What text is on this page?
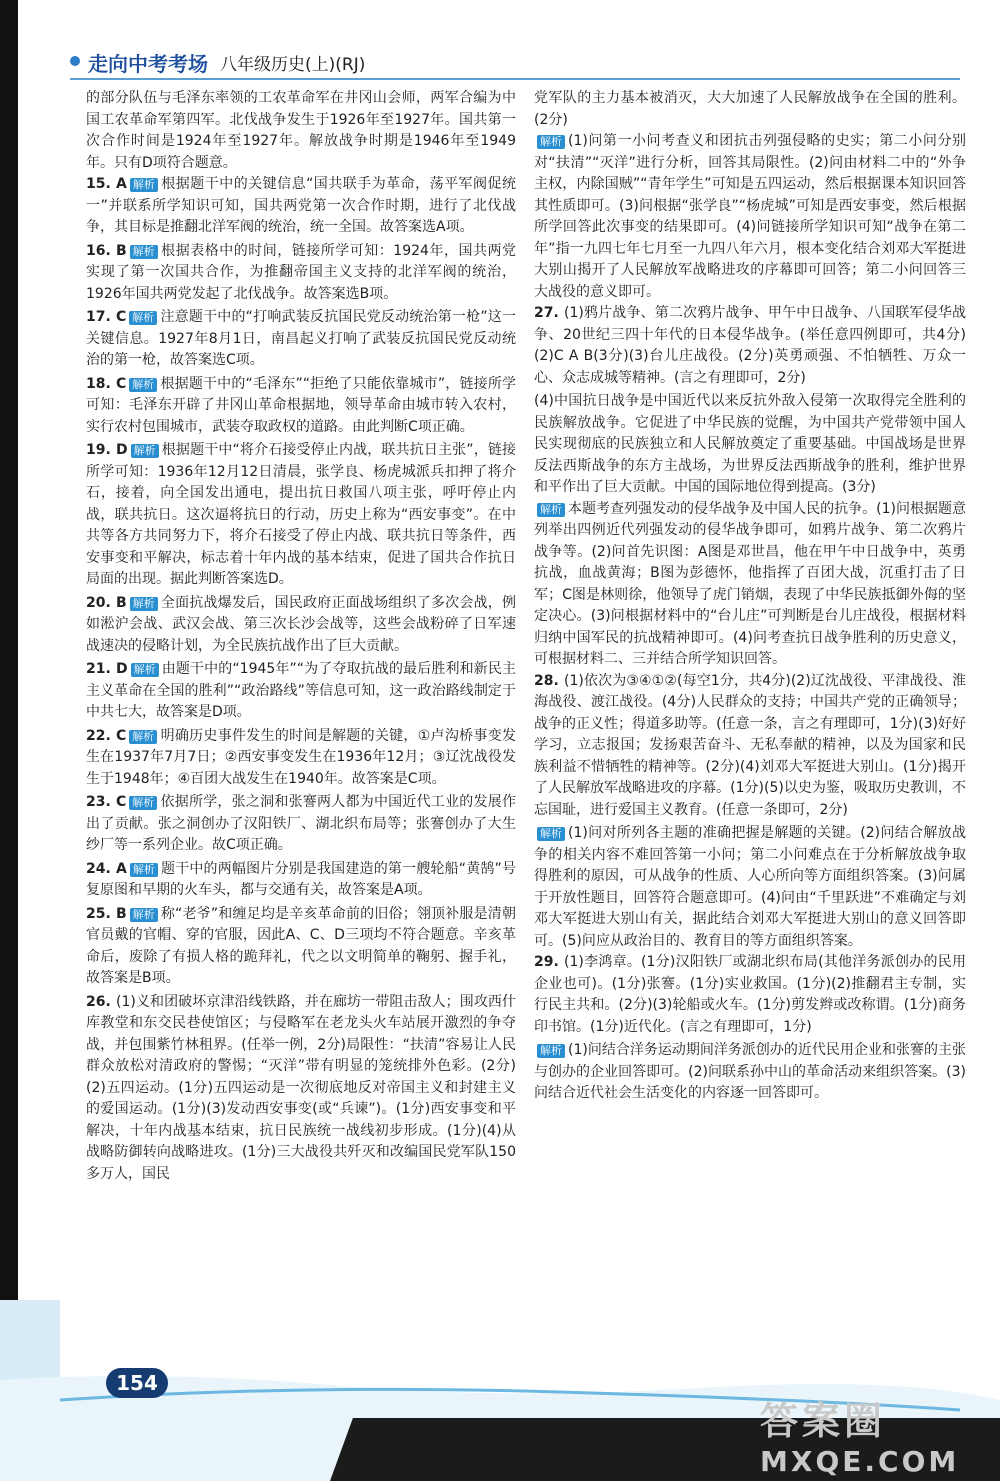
走向中考考场 八年级历史(上)(RJ)
的部分队伍与毛泽东率领的工农革命军在井冈山会师，两军合编为中国工农革命军第四军。北伐战争发生于1926年至1927年。国共第一次合作时间是1924年至1927年。解放战争时期是1946年至1949年。只有D项符合题意。
15. A 解析 根据题干中的关键信息“国共联手为革命，荡平军阀促统一”并联系所学知识可知，国共两党第一次合作时期，进行了北伐战争，其目标是推翻北洋军阀的统治，统一全国。故答案选A项。
16. B 解析 根据表格中的时间，链接所学可知：1924年，国共两党实现了第一次国共合作，为推翻帝国主义支持的北洋军阀的统治，1926年国共两党发起了北伐战争。故答案选B项。
17. C 解析 注意题干中的“打响武装反抗国民党反动统治第一枪”这一关键信息。1927年8月1日，南昌起义打响了武装反抗国民党反动统治的第一枪，故答案选C项。
18. C 解析 根据题干中的“毛泽东”“拒绝了只能依靠城市”，链接所学可知：毛泽东开辟了井冈山革命根据地，领导革命由城市转入农村，实行农村包围城市，武装夺取政权的道路。由此判断C项正确。
19. D 解析 根据题干中“将介石接受停止内战，联共抗日主张”，链接所学可知：1936年12月12日清晨，张学良、杨虎城派兵扣押了将介石，接着，向全国发出通电，提出抗日救国八项主张，呼吁停止内战，联共抗日。这次逼将抗日的行动，历史上称为“西安事变”。在中共等各方共同努力下，将介石接受了停止内战、联共抗日等条件，西安事变和平解决，标志着十年内战的基本结束，促进了国共合作抗日局面的出现。据此判断答案选D。
20. B 解析 全面抗战爆发后，国民政府正面战场组织了多次会战，例如淞沪会战、武汉会战、第三次长沙会战等，这些会战粉碎了日军速战速决的侵略计划，为全民族抗战作出了巨大贡献。
21. D 解析 由题干中的“1945年”“为了夺取抗战的最后胜利和新民主主义革命在全国的胜利”“政治路线”等信息可知，这一政治路线制定于中共七大，故答案是D项。
22. C 解析 明确历史事件发生的时间是解题的关键，①卢沟桥事变发生在1937年7月7日；②西安事变发生在1936年12月；③辽沈战役发生于1948年；④百团大战发生在1940年。故答案是C项。
23. C 解析 依据所学，张之洞和张謇两人都为中国近代工业的发展作出了贡献。张之洞创办了汉阳铁厂、湖北织布局等；张謇创办了大生纱厂等一系列企业。故C项正确。
24. A 解析 题干中的两幅图片分别是我国建造的第一艘轮船“黄鹄”号复原图和早期的火车头，都与交通有关，故答案是A项。
25. B 解析 称“老爷”和缠足均是辛亥革命前的旧俗；翎顶补服是清朝官员戴的官帽、穿的官服，因此A、C、D三项均不符合题意。辛亥革命后，废除了有损人格的跪拜礼，代之以文明简单的鞠躬、握手礼，故答案是B项。
26. (1)义和团破坏京津沿线铁路，并在廊坊一带阻击敌人；围攻西什库教堂和东交民巷使馆区；与侵略军在老龙头火车站展开激烈的争夺战，并包围紫竹林租界。(任举一例，2分)局限性：“扶清”容易让人民群众放松对清政府的警惕；“灭洋”带有明显的笼统排外色彩。(2分)(2)五四运动。(1分)五四运动是一次彻底地反对帝国主义和封建主义的爱国运动。(1分)(3)发动西安事变(或“兵谏”)。(1分)西安事变和平解决，十年内战基本结束，抗日民族统一战线初步形成。(1分)(4)从战略防御转向战略进攻。(1分)三大战役共歼灭和改编国民党军队150多万人，国民
党军队的主力基本被消灭，大大加速了人民解放战争在全国的胜利。(2分)
解析 (1)问第一小问考查义和团抗击列强侵略的史实；第二小问分别对“扶清”“灭洋”进行分析，回答其局限性。(2)问由材料二中的“外争主权，内除国贼”“青年学生”可知是五四运动，然后根据课本知识回答其性质即可。(3)问根据“张学良”“杨虎城”可知是西安事变，然后根据所学回答此次事变的结果即可。(4)问链接所学知识可知“战争在第二年”指一九四七年七月至一九四八年六月，根本变化结合刘邓大军挺进大别山揭开了人民解放军战略进攻的序幕即可回答；第二小问回答三大战役的意义即可。
27. (1)鸦片战争、第二次鸦片战争、甲午中日战争、八国联军侵华战争、20世纪三四十年代的日本侵华战争。(举任意四例即可，共4分)(2)C A B(3分)(3)台儿庄战役。(2分)英勇顽强、不怕牺牲、万众一心、众志成城等精神。(言之有理即可，2分)
(4)中国抗日战争是中国近代以来反抗外敌入侵第一次取得完全胜利的民族解放战争。它促进了中华民族的觉醒，为中国共产党带领中国人民实现彻底的民族独立和人民解放奠定了重要基础。中国战场是世界反法西斯战争的东方主战场，为世界反法西斯战争的胜利，维护世界和平作出了巨大贡献。中国的国际地位得到提高。(3分)
解析 本题考查列强发动的侵华战争及中国人民的抗争。(1)问根据题意列举出四例近代列强发动的侵华战争即可，如鸦片战争、第二次鸦片战争等。(2)问首先识图：A图是邓世昌，他在甲午中日战争中，英勇抗战，血战黄海；B图为彭德怀，他指挥了百团大战，沉重打击了日军；C图是林则徐，他领导了虎门销烟，表现了中华民族抵御外侮的坚定决心。(3)问根据材料中的“台儿庄”可判断是台儿庄战役，根据材料归纳中国军民的抗战精神即可。(4)问考查抗日战争胜利的历史意义，可根据材料二、三并结合所学知识回答。
28. (1)依次为③④①②(每空1分，共4分)(2)辽沈战役、平津战役、淮海战役、渡江战役。(4分)人民群众的支持；中国共产党的正确领导；战争的正义性；得道多助等。(任意一条，言之有理即可，1分)(3)好好学习，立志报国；发扬艰苦奋斗、无私奉献的精神，以及为国家和民族利益不惜牺牲的精神等。(2分)(4)刘邓大军挺进大别山。(1分)揭开了人民解放军战略进攻的序幕。(1分)(5)以史为鉴，吸取历史教训，不忘国耻，进行爱国主义教育。(任意一条即可，2分)
解析 (1)问对所列各主题的准确把握是解题的关键。(2)问结合解放战争的相关内容不难回答第一小问；第二小问难点在于分析解放战争取得胜利的原因，可从战争的性质、人心所向等方面组织答案。(3)问属于开放性题目，回答符合题意即可。(4)问由“千里跃进”不难确定与刘邓大军挺进大别山有关，据此结合刘邓大军挺进大别山的意义回答即可。(5)问应从政治目的、教育目的等方面组织答案。
29. (1)李鸿章。(1分)汉阳铁厂或湖北织布局(其他洋务派创办的民用企业也可)。(1分)张謇。(1分)实业救国。(1分)(2)推翻君主专制，实行民主共和。(2分)(3)轮船或火车。(1分)剪发辫或改称谓。(1分)商务印书馆。(1分)近代化。(言之有理即可，1分)
解析 (1)问结合洋务运动期间洋务派创办的近代民用企业和张謇的主张与创办的企业回答即可。(2)问联系孙中山的革命活动来组织答案。(3)问结合近代社会生活变化的内容逐一回答即可。
154
答案圈
MXQE.COM
